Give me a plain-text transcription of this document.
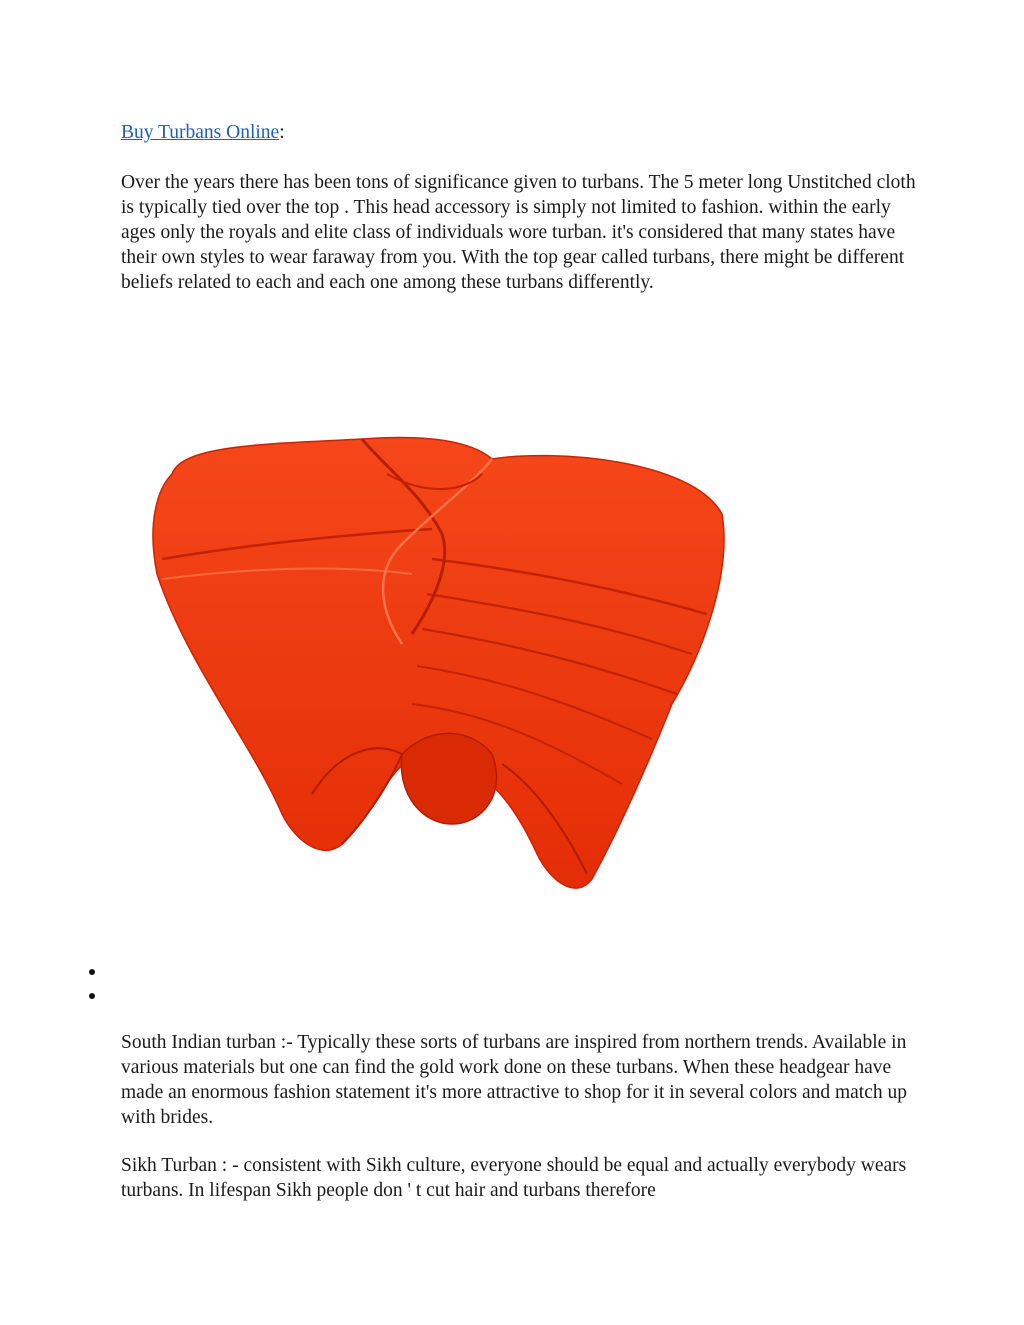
Buy Turbans Online:

Over the years there has been tons of significance given to turbans. The 5 meter long Unstitched cloth is typically tied over the top . This head accessory is simply not limited to fashion. within the early ages only the royals and elite class of individuals wore turban. it's considered that many states have their own styles to wear faraway from you. With the top gear called turbans, there might be different beliefs related to each and each one among these turbans differently.

South Indian turban :- Typically these sorts of turbans are inspired from northern trends. Available in various materials but one can find the gold work done on these turbans. When these headgear have made an enormous fashion statement it's more attractive to shop for it in several colors and match up with brides.

Sikh Turban : - consistent with Sikh culture, everyone should be equal and actually everybody wears turbans. In lifespan Sikh people don ' t cut hair and turbans therefore
